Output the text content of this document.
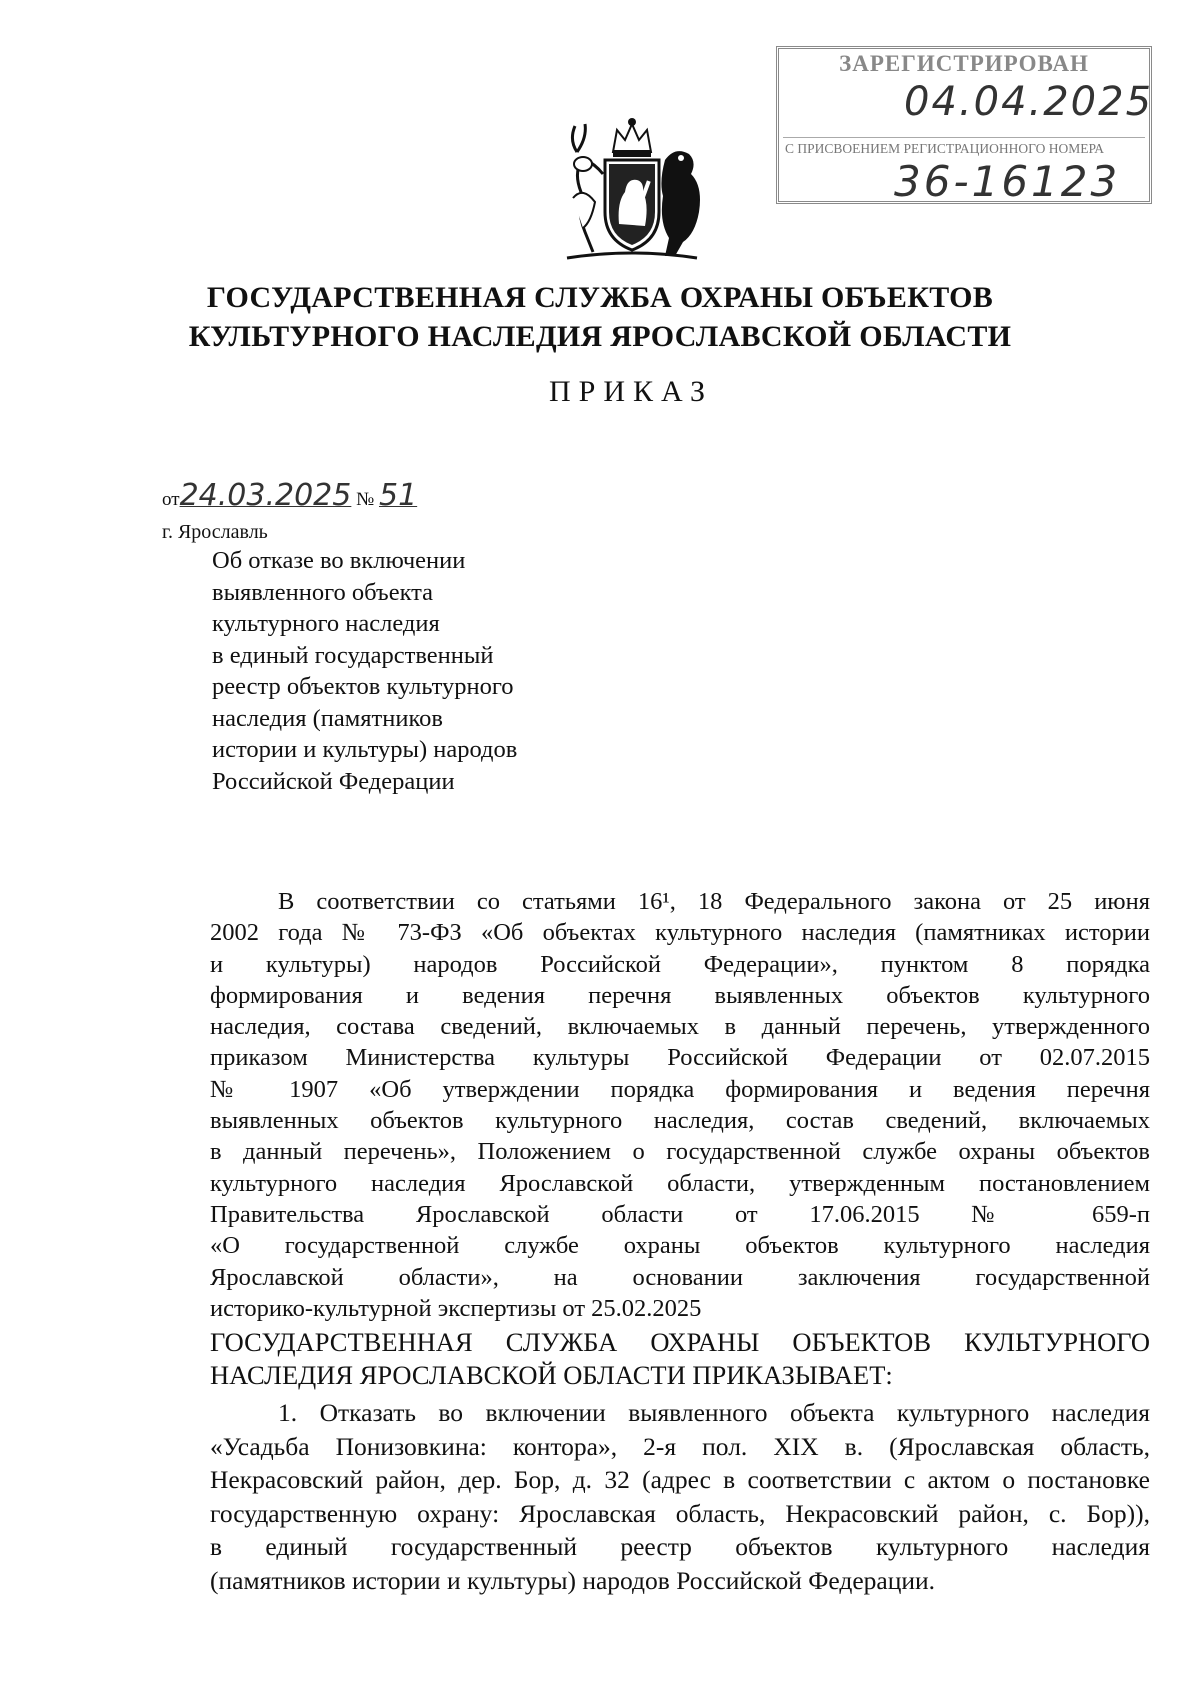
ЗАРЕГИСТРИРОВАН
04.04.2025
С ПРИСВОЕНИЕМ РЕГИСТРАЦИОННОГО НОМЕРА
36-16123
ГОСУДАРСТВЕННАЯ СЛУЖБА ОХРАНЫ ОБЪЕКТОВ
КУЛЬТУРНОГО НАСЛЕДИЯ ЯРОСЛАВСКОЙ ОБЛАСТИ
ПРИКАЗ
от24.03.2025 № 51
г. Ярославль
Об отказе во включении
выявленного объекта
культурного наследия
в единый государственный
реестр объектов культурного
наследия (памятников
истории и культуры) народов
Российской Федерации
В соответствии со статьями 16¹, 18 Федерального закона от 25 июня
2002 года № 73-ФЗ «Об объектах культурного наследия (памятниках истории
и культуры) народов Российской Федерации», пунктом 8 порядка
формирования и ведения перечня выявленных объектов культурного
наследия, состава сведений, включаемых в данный перечень, утвержденного
приказом Министерства культуры Российской Федерации от 02.07.2015
№ 1907 «Об утверждении порядка формирования и ведения перечня
выявленных объектов культурного наследия, состав сведений, включаемых
в данный перечень», Положением о государственной службе охраны объектов
культурного наследия Ярославской области, утвержденным постановлением
Правительства Ярославской области от 17.06.2015 № 659-п
«О государственной службе охраны объектов культурного наследия
Ярославской области», на основании заключения государственной
историко-культурной экспертизы от 25.02.2025
ГОСУДАРСТВЕННАЯ СЛУЖБА ОХРАНЫ ОБЪЕКТОВ КУЛЬТУРНОГО
НАСЛЕДИЯ ЯРОСЛАВСКОЙ ОБЛАСТИ ПРИКАЗЫВАЕТ:
1. Отказать во включении выявленного объекта культурного наследия
«Усадьба Понизовкина: контора», 2-я пол. XIX в. (Ярославская область,
Некрасовский район, дер. Бор, д. 32 (адрес в соответствии с актом о постановке
государственную охрану: Ярославская область, Некрасовский район, с. Бор)),
в единый государственный реестр объектов культурного наследия
(памятников истории и культуры) народов Российской Федерации.
